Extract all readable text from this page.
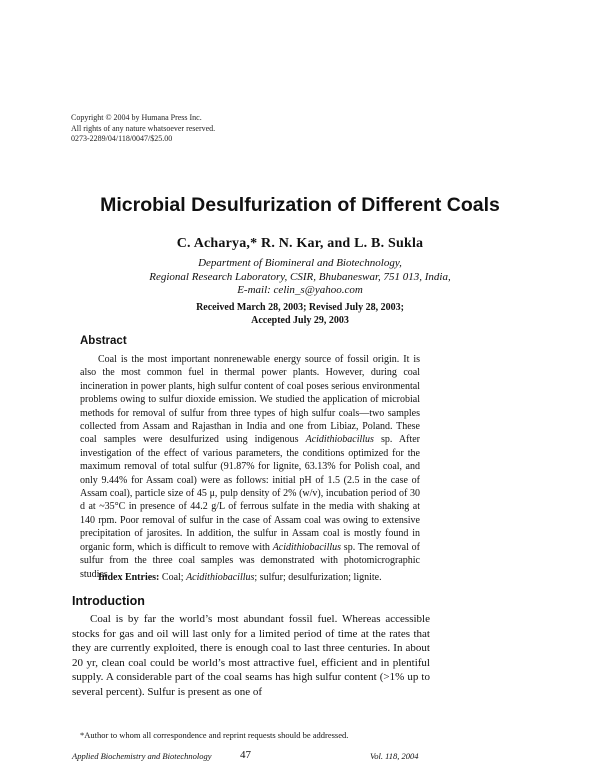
Copyright © 2004 by Humana Press Inc.
All rights of any nature whatsoever reserved.
0273-2289/04/118/0047/$25.00
Microbial Desulfurization of Different Coals
C. Acharya,* R. N. Kar, and L. B. Sukla
Department of Biomineral and Biotechnology,
Regional Research Laboratory, CSIR, Bhubaneswar, 751 013, India,
E-mail: celin_s@yahoo.com
Received March 28, 2003; Revised July 28, 2003;
Accepted July 29, 2003
Abstract
Coal is the most important nonrenewable energy source of fossil origin. It is also the most common fuel in thermal power plants. However, during coal incineration in power plants, high sulfur content of coal poses serious environmental problems owing to sulfur dioxide emission. We studied the application of microbial methods for removal of sulfur from three types of high sulfur coals—two samples collected from Assam and Rajasthan in India and one from Libiaz, Poland. These coal samples were desulfurized using indigenous Acidithiobacillus sp. After investigation of the effect of various parameters, the conditions optimized for the maximum removal of total sulfur (91.87% for lignite, 63.13% for Polish coal, and only 9.44% for Assam coal) were as follows: initial pH of 1.5 (2.5 in the case of Assam coal), particle size of 45 μ, pulp density of 2% (w/v), incubation period of 30 d at ~35°C in presence of 44.2 g/L of ferrous sulfate in the media with shaking at 140 rpm. Poor removal of sulfur in the case of Assam coal was owing to extensive precipitation of jarosites. In addition, the sulfur in Assam coal is mostly found in organic form, which is difficult to remove with Acidithiobacillus sp. The removal of sulfur from the three coal samples was demonstrated with photomicrographic studies.
Index Entries: Coal; Acidithiobacillus; sulfur; desulfurization; lignite.
Introduction
Coal is by far the world’s most abundant fossil fuel. Whereas accessible stocks for gas and oil will last only for a limited period of time at the rates that they are currently exploited, there is enough coal to last three centuries. In about 20 yr, clean coal could be world’s most attractive fuel, efficient and in plentiful supply. A considerable part of the coal seams has high sulfur content (>1% up to several percent). Sulfur is present as one of
*Author to whom all correspondence and reprint requests should be addressed.
Applied Biochemistry and Biotechnology	47	Vol. 118, 2004
